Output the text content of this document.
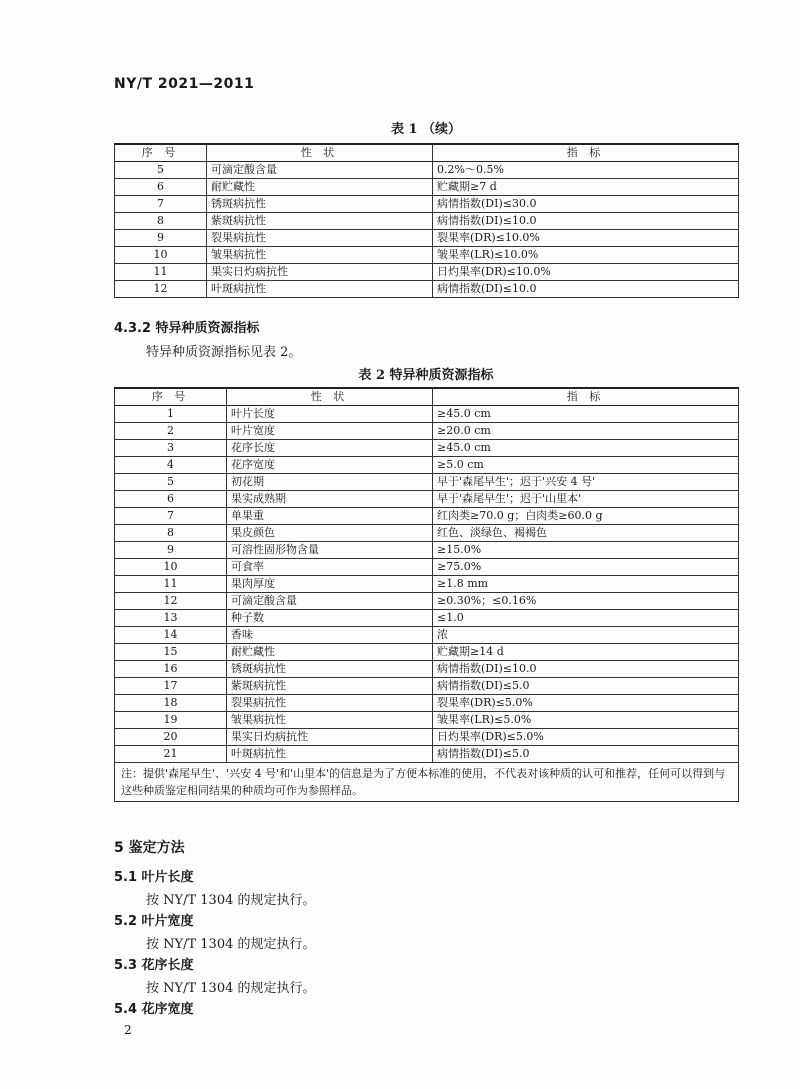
NY/T 2021—2011
表 1 （续）
序 号	性 状	指 标
5	可滴定酸含量	0.2%～0.5%
6	耐贮藏性	贮藏期≥7 d
7	锈斑病抗性	病情指数(DI)≤30.0
8	紫斑病抗性	病情指数(DI)≤10.0
9	裂果病抗性	裂果率(DR)≤10.0%
10	皱果病抗性	皱果率(LR)≤10.0%
11	果实日灼病抗性	日灼果率(DR)≤10.0%
12	叶斑病抗性	病情指数(DI)≤10.0
4.3.2 特异种质资源指标
特异种质资源指标见表 2。
表 2 特异种质资源指标
序 号	性 状	指 标
1	叶片长度	≥45.0 cm
2	叶片宽度	≥20.0 cm
3	花序长度	≥45.0 cm
4	花序宽度	≥5.0 cm
5	初花期	早于'森尾早生'；迟于'兴安 4 号'
6	果实成熟期	早于'森尾早生'；迟于'山里本'
7	单果重	红肉类≥70.0 g；白肉类≥60.0 g
8	果皮颜色	红色、淡绿色、褐褐色
9	可溶性固形物含量	≥15.0%
10	可食率	≥75.0%
11	果肉厚度	≥1.8 mm
12	可滴定酸含量	≥0.30%；≤0.16%
13	种子数	≤1.0
14	香味	浓
15	耐贮藏性	贮藏期≥14 d
16	锈斑病抗性	病情指数(DI)≤10.0
17	紫斑病抗性	病情指数(DI)≤5.0
18	裂果病抗性	裂果率(DR)≤5.0%
19	皱果病抗性	皱果率(LR)≤5.0%
20	果实日灼病抗性	日灼果率(DR)≤5.0%
21	叶斑病抗性	病情指数(DI)≤5.0
注：提供'森尾早生'、'兴安 4 号'和'山里本'的信息是为了方便本标准的使用，不代表对该种质的认可和推荐，任何可以得到与这些种质鉴定相同结果的种质均可作为参照样品。		
5 鉴定方法
5.1 叶片长度
按 NY/T 1304 的规定执行。
5.2 叶片宽度
按 NY/T 1304 的规定执行。
5.3 花序长度
按 NY/T 1304 的规定执行。
5.4 花序宽度
2
